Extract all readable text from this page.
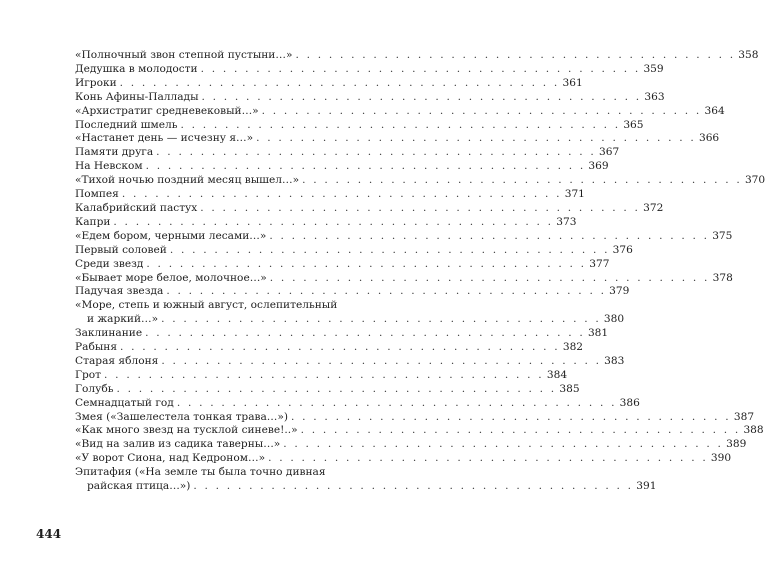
«Полночный звон степной пустыни…» . . . . . . . . . . . . . . . . . . . . . . . . . . . . . . . . . . . . . . . . 358
Дедушка в молодости . . . . . . . . . . . . . . . . . . . . . . . . . . . . . . . . . . . . . . . . 359
Игроки . . . . . . . . . . . . . . . . . . . . . . . . . . . . . . . . . . . . . . . . 361
Конь Афины-Паллады . . . . . . . . . . . . . . . . . . . . . . . . . . . . . . . . . . . . . . . . 363
«Архистратиг средневековый…» . . . . . . . . . . . . . . . . . . . . . . . . . . . . . . . . . . . . . . . . 364
Последний шмель . . . . . . . . . . . . . . . . . . . . . . . . . . . . . . . . . . . . . . . . 365
«Настанет день — исчезну я…» . . . . . . . . . . . . . . . . . . . . . . . . . . . . . . . . . . . . . . . . 366
Памяти друга . . . . . . . . . . . . . . . . . . . . . . . . . . . . . . . . . . . . . . . . 367
На Невском . . . . . . . . . . . . . . . . . . . . . . . . . . . . . . . . . . . . . . . . 369
«Тихой ночью поздний месяц вышел…» . . . . . . . . . . . . . . . . . . . . . . . . . . . . . . . . . . . . . . . . 370
Помпея . . . . . . . . . . . . . . . . . . . . . . . . . . . . . . . . . . . . . . . . 371
Калабрийский пастух . . . . . . . . . . . . . . . . . . . . . . . . . . . . . . . . . . . . . . . . 372
Капри . . . . . . . . . . . . . . . . . . . . . . . . . . . . . . . . . . . . . . . . 373
«Едем бором, черными лесами…» . . . . . . . . . . . . . . . . . . . . . . . . . . . . . . . . . . . . . . . . 375
Первый соловей . . . . . . . . . . . . . . . . . . . . . . . . . . . . . . . . . . . . . . . . 376
Среди звезд . . . . . . . . . . . . . . . . . . . . . . . . . . . . . . . . . . . . . . . . 377
«Бывает море белое, молочное…» . . . . . . . . . . . . . . . . . . . . . . . . . . . . . . . . . . . . . . . . 378
Падучая звезда . . . . . . . . . . . . . . . . . . . . . . . . . . . . . . . . . . . . . . . . 379
«Море, степь и южный август, ослепительный
и жаркий…» . . . . . . . . . . . . . . . . . . . . . . . . . . . . . . . . . . . . . . . . 380
Заклинание . . . . . . . . . . . . . . . . . . . . . . . . . . . . . . . . . . . . . . . . 381
Рабыня . . . . . . . . . . . . . . . . . . . . . . . . . . . . . . . . . . . . . . . . 382
Старая яблоня . . . . . . . . . . . . . . . . . . . . . . . . . . . . . . . . . . . . . . . . 383
Грот . . . . . . . . . . . . . . . . . . . . . . . . . . . . . . . . . . . . . . . . 384
Голубь . . . . . . . . . . . . . . . . . . . . . . . . . . . . . . . . . . . . . . . . 385
Семнадцатый год . . . . . . . . . . . . . . . . . . . . . . . . . . . . . . . . . . . . . . . . 386
Змея («Зашелестела тонкая трава…») . . . . . . . . . . . . . . . . . . . . . . . . . . . . . . . . . . . . . . . . 387
«Как много звезд на тусклой синеве!..» . . . . . . . . . . . . . . . . . . . . . . . . . . . . . . . . . . . . . . . . 388
«Вид на залив из садика таверны…» . . . . . . . . . . . . . . . . . . . . . . . . . . . . . . . . . . . . . . . . 389
«У ворот Сиона, над Кедроном…» . . . . . . . . . . . . . . . . . . . . . . . . . . . . . . . . . . . . . . . . 390
Эпитафия («На земле ты была точно дивная
райская птица…») . . . . . . . . . . . . . . . . . . . . . . . . . . . . . . . . . . . . . . . . 391
444
